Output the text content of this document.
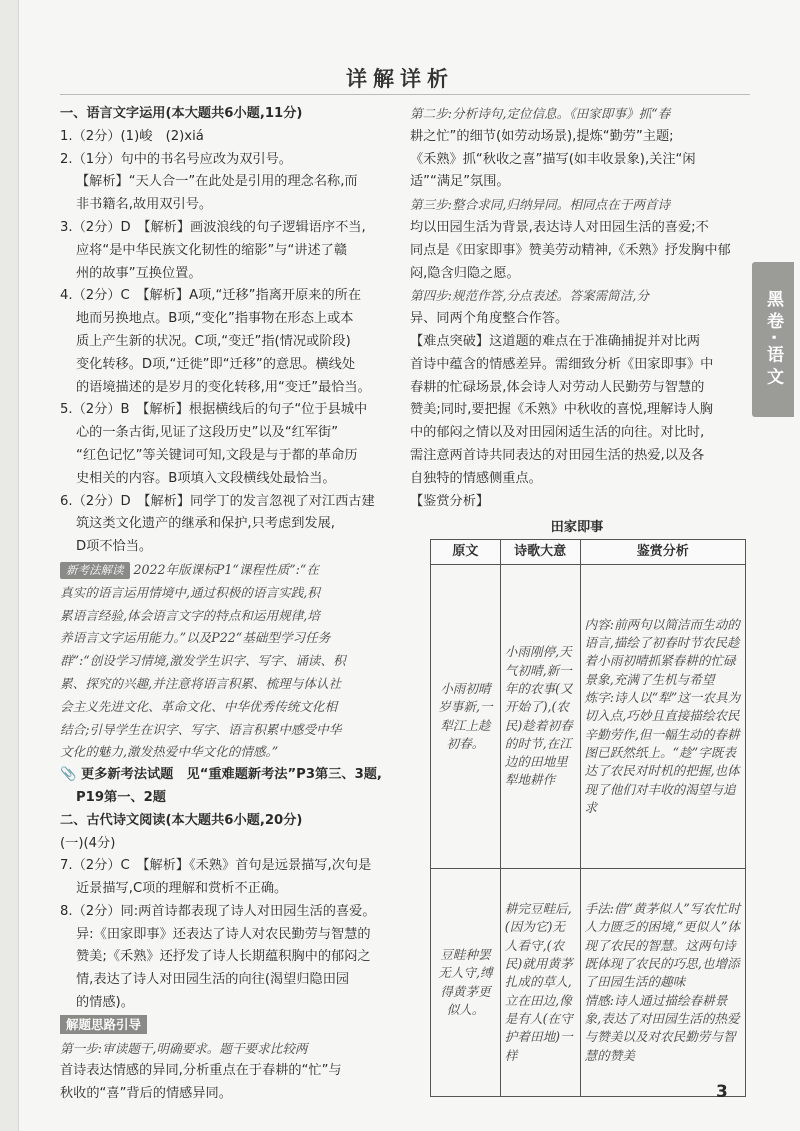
详解详析
一、语言文字运用(本大题共6小题,11分)
1.（2分）(1)峻　(2)xiá
2.（1分）句中的书名号应改为双引号。
【解析】“天人合一”在此处是引用的理念名称,而
非书籍名,故用双引号。
3.（2分）D　【解析】画波浪线的句子逻辑语序不当,
应将“是中华民族文化韧性的缩影”与“讲述了赣
州的故事”互换位置。
4.（2分）C　【解析】A项,“迁移”指离开原来的所在
地而另换地点。B项,“变化”指事物在形态上或本
质上产生新的状况。C项,“变迁”指(情况或阶段)
变化转移。D项,“迁徙”即“迁移”的意思。横线处
的语境描述的是岁月的变化转移,用“变迁”最恰当。
5.（2分）B　【解析】根据横线后的句子“位于县城中
心的一条古街,见证了这段历史”以及“红军街”
“红色记忆”等关键词可知,文段是与于都的革命历
史相关的内容。B项填入文段横线处最恰当。
6.（2分）D　【解析】同学丁的发言忽视了对江西古建
筑这类文化遗产的继承和保护,只考虑到发展,
D项不恰当。
新考法解读 2022年版课标P1“课程性质”:“在
真实的语言运用情境中,通过积极的语言实践,积
累语言经验,体会语言文字的特点和运用规律,培
养语言文字运用能力。”以及P22“基础型学习任务
群”:“创设学习情境,激发学生识字、写字、诵读、积
累、探究的兴趣,并注意将语言积累、梳理与体认社
会主义先进文化、革命文化、中华优秀传统文化相
结合;引导学生在识字、写字、语言积累中感受中华
文化的魅力,激发热爱中华文化的情感。”
📎 更多新考法试题　见“重难题新考法”P3第三、3题,
P19第一、2题
二、古代诗文阅读(本大题共6小题,20分)
(一)(4分)
7.（2分）C　【解析】《禾熟》首句是远景描写,次句是
近景描写,C项的理解和赏析不正确。
8.（2分）同:两首诗都表现了诗人对田园生活的喜爱。
异:《田家即事》还表达了诗人对农民勤劳与智慧的
赞美;《禾熟》还抒发了诗人长期蕴积胸中的郁闷之
情,表达了诗人对田园生活的向往(渴望归隐田园
的情感)。
解题思路引导
第一步:审读题干,明确要求。题干要求比较两
首诗表达情感的异同,分析重点在于春耕的“忙”与
秋收的“喜”背后的情感异同。
第二步:分析诗句,定位信息。《田家即事》抓“春
耕之忙”的细节(如劳动场景),提炼“勤劳”主题;
《禾熟》抓“秋收之喜”描写(如丰收景象),关注“闲
适”“满足”氛围。
第三步:整合求同,归纳异同。相同点在于两首诗
均以田园生活为背景,表达诗人对田园生活的喜爱;不
同点是《田家即事》赞美劳动精神,《禾熟》抒发胸中郁
闷,隐含归隐之愿。
第四步:规范作答,分点表述。答案需简洁,分
异、同两个角度整合作答。
【难点突破】这道题的难点在于准确捕捉并对比两
首诗中蕴含的情感差异。需细致分析《田家即事》中
春耕的忙碌场景,体会诗人对劳动人民勤劳与智慧的
赞美;同时,要把握《禾熟》中秋收的喜悦,理解诗人胸
中的郁闷之情以及对田园闲适生活的向往。对比时,
需注意两首诗共同表达的对田园生活的热爱,以及各
自独特的情感侧重点。
【鉴赏分析】
田家即事
原文	诗歌大意	鉴赏分析
小雨初晴岁事新,一犁江上趁初春。	小雨刚停,天气初晴,新一年的农事(又开始了),(农民)趁着初春的时节,在江边的田地里犁地耕作	内容:前两句以简洁而生动的语言,描绘了初春时节农民趁着小雨初晴抓紧春耕的忙碌景象,充满了生机与希望
炼字:诗人以“犁”这一农具为切入点,巧妙且直接描绘农民辛勤劳作,但一幅生动的春耕图已跃然纸上。“趁”字既表达了农民对时机的把握,也体现了他们对丰收的渴望与追求
豆畦种罢无人守,缚得黄茅更似人。	耕完豆畦后,(因为它)无人看守,(农民)就用黄茅扎成的草人,立在田边,像是有人(在守护着田地)一样	手法:借“黄茅似人”写农忙时人力匮乏的困境,“更似人”体现了农民的智慧。这两句诗既体现了农民的巧思,也增添了田园生活的趣味
情感:诗人通过描绘春耕景象,表达了对田园生活的热爱与赞美以及对农民勤劳与智慧的赞美
黑卷·语文
3
